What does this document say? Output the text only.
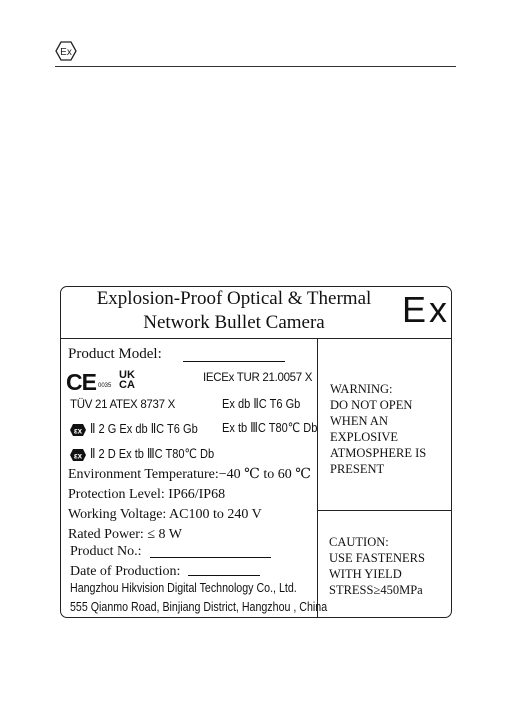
Ex
Explosion-Proof Optical & Thermal
Network Bullet Camera	Ex
Product Model:
CE 0035
UK
CA
IECEx TUR 21.0057 X
TÜV 21 ATEX 8737 X	Ex db ⅡC T6 Gb
Ex tb ⅢC T80℃ Db
εx Ⅱ 2 G Ex db ⅡC T6 Gb
εx Ⅱ 2 D Ex tb ⅢC T80℃ Db
Environment Temperature:−40 ℃ to 60 ℃
Protection Level: IP66/IP68
Working Voltage: AC100 to 240 V
Rated Power: ≤ 8 W
Product No.:
Date of Production:
Hangzhou Hikvision Digital Technology Co., Ltd.
555 Qianmo Road, Binjiang District, Hangzhou , China
WARNING:
DO NOT OPEN
WHEN AN
EXPLOSIVE
ATMOSPHERE IS
PRESENT
CAUTION:
USE FASTENERS
WITH YIELD
STRESS≥450MPa
